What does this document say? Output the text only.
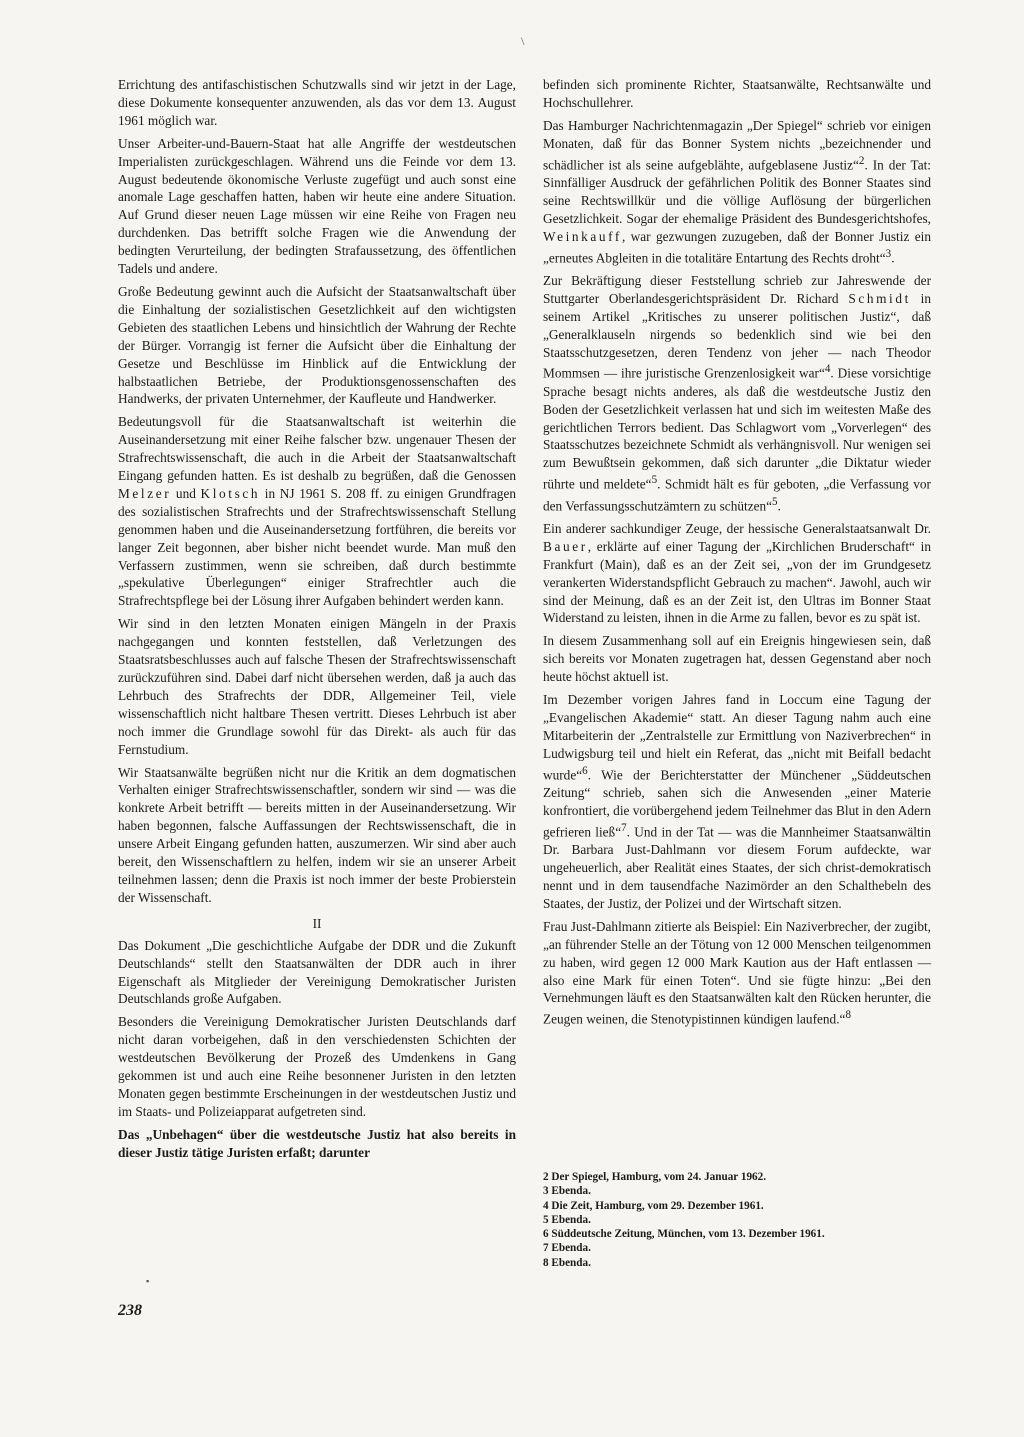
\

Errichtung des antifaschistischen Schutzwalls sind wir jetzt in der Lage, diese Dokumente konsequenter anzuwenden, als das vor dem 13. August 1961 möglich war.

Unser Arbeiter-und-Bauern-Staat hat alle Angriffe der westdeutschen Imperialisten zurückgeschlagen. Während uns die Feinde vor dem 13. August bedeutende ökonomische Verluste zugefügt und auch sonst eine anomale Lage geschaffen hatten, haben wir heute eine andere Situation. Auf Grund dieser neuen Lage müssen wir eine Reihe von Fragen neu durchdenken. Das betrifft solche Fragen wie die Anwendung der bedingten Verurteilung, der bedingten Strafaussetzung, des öffentlichen Tadels und andere.

Große Bedeutung gewinnt auch die Aufsicht der Staatsanwaltschaft über die Einhaltung der sozialistischen Gesetzlichkeit auf den wichtigsten Gebieten des staatlichen Lebens und hinsichtlich der Wahrung der Rechte der Bürger. Vorrangig ist ferner die Aufsicht über die Einhaltung der Gesetze und Beschlüsse im Hinblick auf die Entwicklung der halbstaatlichen Betriebe, der Produktionsgenossenschaften des Handwerks, der privaten Unternehmer, der Kaufleute und Handwerker.

Bedeutungsvoll für die Staatsanwaltschaft ist weiterhin die Auseinandersetzung mit einer Reihe falscher bzw. ungenauer Thesen der Strafrechtswissenschaft, die auch in die Arbeit der Staatsanwaltschaft Eingang gefunden hatten. Es ist deshalb zu begrüßen, daß die Genossen Melzer und Klotsch in NJ 1961 S. 208 ff. zu einigen Grundfragen des sozialistischen Strafrechts und der Strafrechtswissenschaft Stellung genommen haben und die Auseinandersetzung fortführen, die bereits vor langer Zeit begonnen, aber bisher nicht beendet wurde. Man muß den Verfassern zustimmen, wenn sie schreiben, daß durch bestimmte „spekulative Überlegungen“ einiger Strafrechtler auch die Strafrechtspflege bei der Lösung ihrer Aufgaben behindert werden kann.

Wir sind in den letzten Monaten einigen Mängeln in der Praxis nachgegangen und konnten feststellen, daß Verletzungen des Staatsratsbeschlusses auch auf falsche Thesen der Strafrechtswissenschaft zurückzuführen sind. Dabei darf nicht übersehen werden, daß ja auch das Lehrbuch des Strafrechts der DDR, Allgemeiner Teil, viele wissenschaftlich nicht haltbare Thesen vertritt. Dieses Lehrbuch ist aber noch immer die Grundlage sowohl für das Direkt- als auch für das Fernstudium.

Wir Staatsanwälte begrüßen nicht nur die Kritik an dem dogmatischen Verhalten einiger Strafrechtswissenschaftler, sondern wir sind — was die konkrete Arbeit betrifft — bereits mitten in der Auseinandersetzung. Wir haben begonnen, falsche Auffassungen der Rechtswissenschaft, die in unsere Arbeit Eingang gefunden hatten, auszumerzen. Wir sind aber auch bereit, den Wissenschaftlern zu helfen, indem wir sie an unserer Arbeit teilnehmen lassen; denn die Praxis ist noch immer der beste Probierstein der Wissenschaft.

II

Das Dokument „Die geschichtliche Aufgabe der DDR und die Zukunft Deutschlands“ stellt den Staatsanwälten der DDR auch in ihrer Eigenschaft als Mitglieder der Vereinigung Demokratischer Juristen Deutschlands große Aufgaben.

Besonders die Vereinigung Demokratischer Juristen Deutschlands darf nicht daran vorbeigehen, daß in den verschiedensten Schichten der westdeutschen Bevölkerung der Prozeß des Umdenkens in Gang gekommen ist und auch eine Reihe besonnener Juristen in den letzten Monaten gegen bestimmte Erscheinungen in der westdeutschen Justiz und im Staats- und Polizeiapparat aufgetreten sind.

Das „Unbehagen“ über die westdeutsche Justiz hat also bereits in dieser Justiz tätige Juristen erfaßt; darunter

befinden sich prominente Richter, Staatsanwälte, Rechtsanwälte und Hochschullehrer.

Das Hamburger Nachrichtenmagazin „Der Spiegel“ schrieb vor einigen Monaten, daß für das Bonner System nichts „bezeichnender und schädlicher ist als seine aufgeblähte, aufgeblasene Justiz“$^2$. In der Tat: Sinnfälliger Ausdruck der gefährlichen Politik des Bonner Staates sind seine Rechtswillkür und die völlige Auflösung der bürgerlichen Gesetzlichkeit. Sogar der ehemalige Präsident des Bundesgerichtshofes, Weinkauff, war gezwungen zuzugeben, daß der Bonner Justiz ein „erneutes Abgleiten in die totalitäre Entartung des Rechts droht“$^3$.

Zur Bekräftigung dieser Feststellung schrieb zur Jahreswende der Stuttgarter Oberlandesgerichtspräsident Dr. Richard Schmidt in seinem Artikel „Kritisches zu unserer politischen Justiz“, daß „Generalklauseln nirgends so bedenklich sind wie bei den Staatsschutzgesetzen, deren Tendenz von jeher — nach Theodor Mommsen — ihre juristische Grenzenlosigkeit war“$^4$. Diese vorsichtige Sprache besagt nichts anderes, als daß die westdeutsche Justiz den Boden der Gesetzlichkeit verlassen hat und sich im weitesten Maße des gerichtlichen Terrors bedient. Das Schlagwort vom „Vorverlegen“ des Staatsschutzes bezeichnete Schmidt als verhängnisvoll. Nur wenigen sei zum Bewußtsein gekommen, daß sich darunter „die Diktatur wieder rührte und meldete“$^5$. Schmidt hält es für geboten, „die Verfassung vor den Verfassungsschutzämtern zu schützen“$^5$.

Ein anderer sachkundiger Zeuge, der hessische Generalstaatsanwalt Dr. Bauer, erklärte auf einer Tagung der „Kirchlichen Bruderschaft“ in Frankfurt (Main), daß es an der Zeit sei, „von der im Grundgesetz verankerten Widerstandspflicht Gebrauch zu machen“. Jawohl, auch wir sind der Meinung, daß es an der Zeit ist, den Ultras im Bonner Staat Widerstand zu leisten, ihnen in die Arme zu fallen, bevor es zu spät ist.

In diesem Zusammenhang soll auf ein Ereignis hingewiesen sein, daß sich bereits vor Monaten zugetragen hat, dessen Gegenstand aber noch heute höchst aktuell ist.

Im Dezember vorigen Jahres fand in Loccum eine Tagung der „Evangelischen Akademie“ statt. An dieser Tagung nahm auch eine Mitarbeiterin der „Zentralstelle zur Ermittlung von Naziverbrechen“ in Ludwigsburg teil und hielt ein Referat, das „nicht mit Beifall bedacht wurde“$^6$. Wie der Berichterstatter der Münchener „Süddeutschen Zeitung“ schrieb, sahen sich die Anwesenden „einer Materie konfrontiert, die vorübergehend jedem Teilnehmer das Blut in den Adern gefrieren ließ“$^7$. Und in der Tat — was die Mannheimer Staatsanwältin Dr. Barbara Just-Dahlmann vor diesem Forum aufdeckte, war ungeheuerlich, aber Realität eines Staates, der sich christ-demokratisch nennt und in dem tausendfache Nazimörder an den Schalthebeln des Staates, der Justiz, der Polizei und der Wirtschaft sitzen.

Frau Just-Dahlmann zitierte als Beispiel: Ein Naziverbrecher, der zugibt, „an führender Stelle an der Tötung von 12 000 Menschen teilgenommen zu haben, wird gegen 12 000 Mark Kaution aus der Haft entlassen — also eine Mark für einen Toten“. Und sie fügte hinzu: „Bei den Vernehmungen läuft es den Staatsanwälten kalt den Rücken herunter, die Zeugen weinen, die Stenotypistinnen kündigen laufend.“$^8$

2 Der Spiegel, Hamburg, vom 24. Januar 1962.

3 Ebenda.

4 Die Zeit, Hamburg, vom 29. Dezember 1961.

5 Ebenda.

6 Süddeutsche Zeitung, München, vom 13. Dezember 1961.

7 Ebenda.

8 Ebenda.

▪
238
